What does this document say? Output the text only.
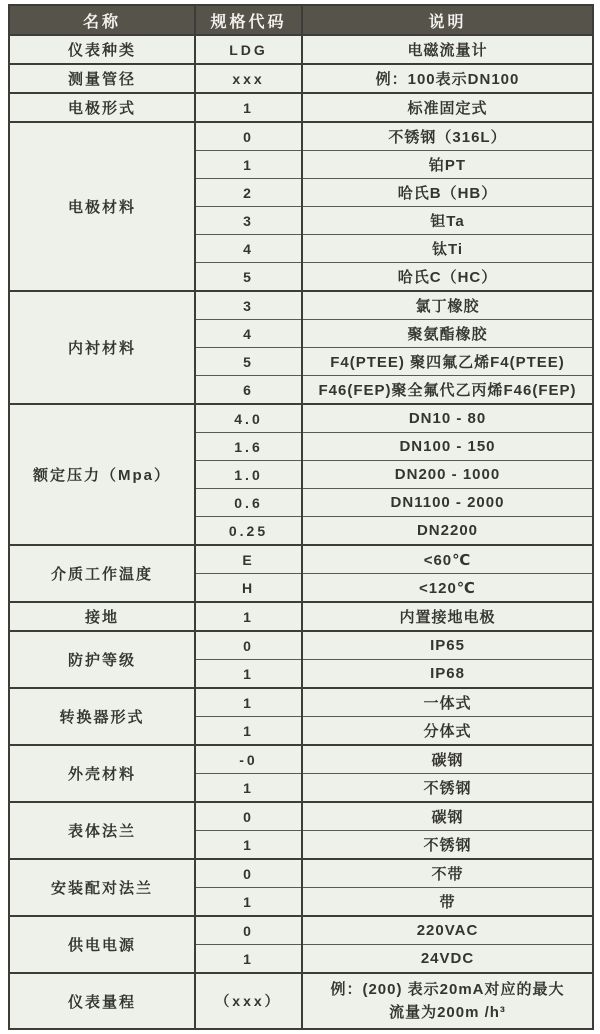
名称	规格代码	说明
仪表种类	LDG	电磁流量计
测量管径	xxx	例：100表示DN100
电极形式	1	标准固定式
电极材料	0	不锈钢（316L）
	1	铂PT
	2	哈氏B（HB）
	3	钽Ta
	4	钛Ti
	5	哈氏C（HC）
内衬材料	3	氯丁橡胶
	4	聚氨酯橡胶
	5	F4(PTEE) 聚四氟乙烯F4(PTEE)
	6	F46(FEP)聚全氟代乙丙烯F46(FEP)
额定压力（Mpa）	4.0	DN10 - 80
	1.6	DN100 - 150
	1.0	DN200 - 1000
	0.6	DN1100 - 2000
	0.25	DN2200
介质工作温度	E	<60℃
	H	<120℃
接地	1	内置接地电极
防护等级	0	IP65
	1	IP68
转换器形式	1	一体式
	1	分体式
外壳材料	-0	碳钢
	1	不锈钢
表体法兰	0	碳钢
	1	不锈钢
安装配对法兰	0	不带
	1	带
供电电源	0	220VAC
	1	24VDC
仪表量程	（xxx）	例：(200) 表示20mA对应的最大
流量为200m /h³
